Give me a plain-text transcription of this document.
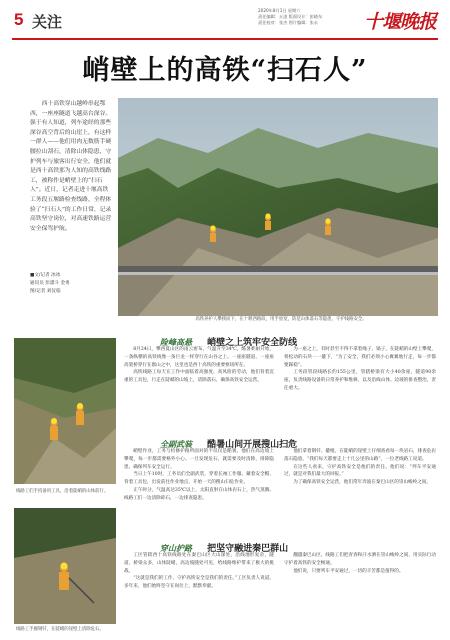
5 关注
2020年8月1日 星期六
责任编辑：丘凌 版面设计：彭晓东
责任校对：张杰 图片编辑：张永	十堰晚报
峭壁上的高铁“扫石人”
西十高铁穿山越岭串起鄂西，一座座隧道飞越高台深谷。强于有人知道，列车途经的那些深谷高空背后的山崖上，有这样一群人——他们用肉无数筋手硬腰拉山刮石，清除山体隐患，守护列车与旅客出行安全，他们就是西十高铁那为人知的高铁线路工，被称作是峭壁上的“扫石人”。近日，记者走进十堰高铁工务段五堰路检查线路，全程体验了“扫石人”的工作日常，记录高铁坚守岗位，对高速铁路运营安全保驾护航。
■文/记者 冰冰
通讯员 彭潇斗 金勇
图/记者 刘仪临
高铁养护人攀援而下，在十堰西路段，用手放宽，防范山体落石等隐患，守护线路安全。
险峰高悬 峭壁之上筑牢安全防线

8月24日，攀西夏山区的雨云密布，气温升至34℃，酷暑难耐开始，一条纵横的高铁线像一条巨龙一样穿行在山谷之上。一座座隧道、一座座高架桥穿行在群山之中，这里也是西十高铁的重要枢纽所在。

高铁线路工每天在工作中面临着高强度、高风险的劳动，他们背着沉重的工具包，行走在陡峭的山坡上，清除落石，确保高铁安全运营。

为一座之上，有时甚至不得不拿着绳子、镐子，在陡峭的山壁上攀爬，将松动的石块一一撬下，“为了安全，我们必须小心翼翼地行走，每一步都要踩稳”。

工务段管段线路长约155公里，管辖桥梁有大小40余座，隧道90余座，负责线路设备的日常养护和维修，以及沿线山体、边坡的排查整治，责任重大。

全副武装 酷暑山间开展搜山扫危

峭壁作业，工务与检修护路所面对的不仅仅是酷暑。他们在高边坡上攀爬，每一步都需要格外小心。一旦发现危石，就需要及时清除，排除隐患，确保列车安全运行。

当日上午10时，工务员们全副武装，穿着长袖工作服、戴着安全帽、背着工具包，出发前往作业地点，开始一天的搜山扫危作业。

正午时分，气温高达35℃以上，太阳直射在山体岩石上，热气蒸腾。线路工们一边清除碎石，一边排查隐患。

他们拿着钢钎、撬棍，在陡峭的崖壁上仔细查看每一块岩石，排查危岩落石隐患。“我们每天都要走上十几公里的山路”，一位老线路工说道。

在这些人看来，守护高铁安全是他们的责任。他们说：“列车平安通过，就是对我们最大的回报。”

为了确保高铁安全运营，他们常年奔波在秦巴山区的崇山峻岭之间。

穿山护路 把坚守融进秦巴群山

工区管辖西十高铁线路处在秦巴山区大山深处，沿线地形复杂，隧道、桥梁众多，山体陡峭，高边坡随处可见，给线路维护带来了极大的挑战。

“这就是我们的工作，守护高铁安全是我们的责任。”工区负责人说道。多年来，他们始终坚守在岗位上，默默奉献。

翻越秦巴山区，线路工们把青春和汗水洒在崇山峻岭之间，用实际行动守护着高铁的安全畅通。

他们说，只要列车平安通过，一切的辛苦都是值得的。

线路工们手持备用工具，沿着陡峭的山体前行。
线路工手握钢钎，在陡峭的崖壁上清除危石。
